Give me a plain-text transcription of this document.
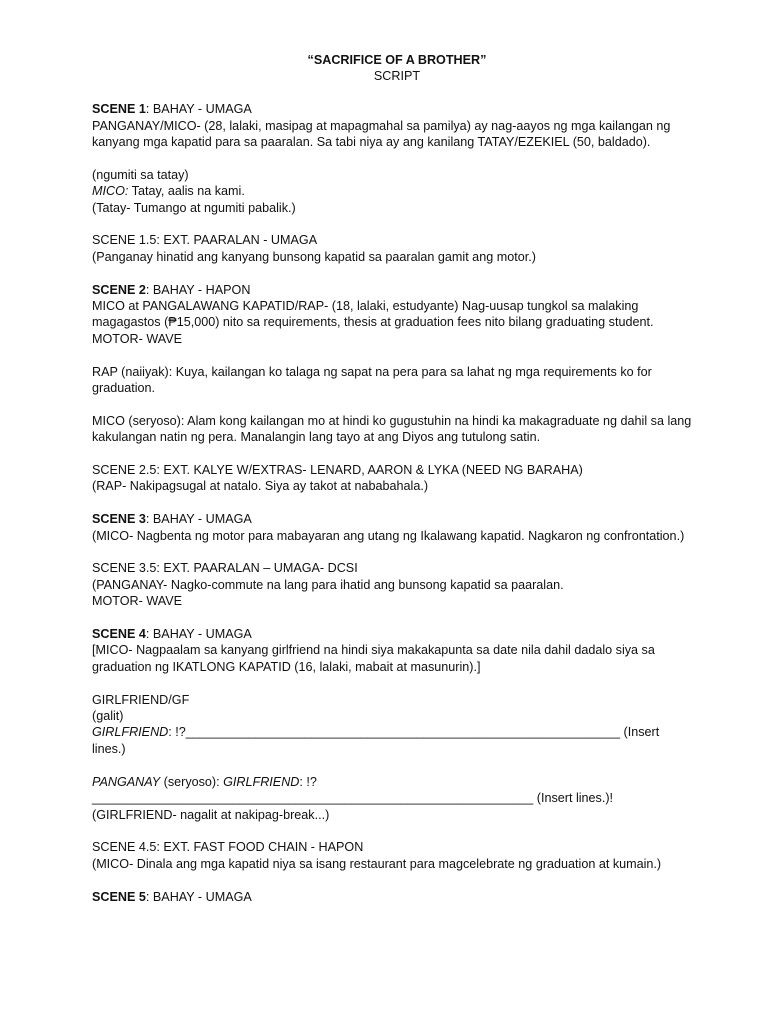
“SACRIFICE OF A BROTHER”

SCRIPT

SCENE 1: BAHAY - UMAGA

PANGANAY/MICO- (28, lalaki, masipag at mapagmahal sa pamilya) ay nag-aayos ng mga kailangan ng kanyang mga kapatid para sa paaralan. Sa tabi niya ay ang kanilang TATAY/EZEKIEL (50, baldado).

(ngumiti sa tatay)

MICO: Tatay, aalis na kami.

(Tatay- Tumango at ngumiti pabalik.)

SCENE 1.5: EXT. PAARALAN - UMAGA

(Panganay hinatid ang kanyang bunsong kapatid sa paaralan gamit ang motor.)

SCENE 2: BAHAY - HAPON

MICO at PANGALAWANG KAPATID/RAP- (18, lalaki, estudyante) Nag-uusap tungkol sa malaking magagastos (₱15,000) nito sa requirements, thesis at graduation fees nito bilang graduating student.

MOTOR- WAVE

RAP (naiiyak): Kuya, kailangan ko talaga ng sapat na pera para sa lahat ng mga requirements ko for graduation.

MICO (seryoso): Alam kong kailangan mo at hindi ko gugustuhin na hindi ka makagraduate ng dahil sa lang kakulangan natin ng pera. Manalangin lang tayo at ang Diyos ang tutulong satin.

SCENE 2.5: EXT. KALYE W/EXTRAS- LENARD, AARON & LYKA (NEED NG BARAHA)

(RAP- Nakipagsugal at natalo. Siya ay takot at nababahala.)

SCENE 3: BAHAY - UMAGA

(MICO- Nagbenta ng motor para mabayaran ang utang ng Ikalawang kapatid. Nagkaron ng confrontation.)

SCENE 3.5: EXT. PAARALAN – UMAGA- DCSI

(PANGANAY- Nagko-commute na lang para ihatid ang bunsong kapatid sa paaralan.

MOTOR- WAVE

SCENE 4: BAHAY - UMAGA

[MICO- Nagpaalam sa kanyang girlfriend na hindi siya makakapunta sa date nila dahil dadalo siya sa graduation ng IKATLONG KAPATID (16, lalaki, mabait at masunurin).]

GIRLFRIEND/GF

(galit)

GIRLFRIEND: !?______________________________________________________________ (Insert lines.)

PANGANAY (seryoso): GIRLFRIEND: !?

_______________________________________________________________ (Insert lines.)!

(GIRLFRIEND- nagalit at nakipag-break...)

SCENE 4.5: EXT. FAST FOOD CHAIN - HAPON

(MICO- Dinala ang mga kapatid niya sa isang restaurant para magcelebrate ng graduation at kumain.)

SCENE 5: BAHAY - UMAGA
